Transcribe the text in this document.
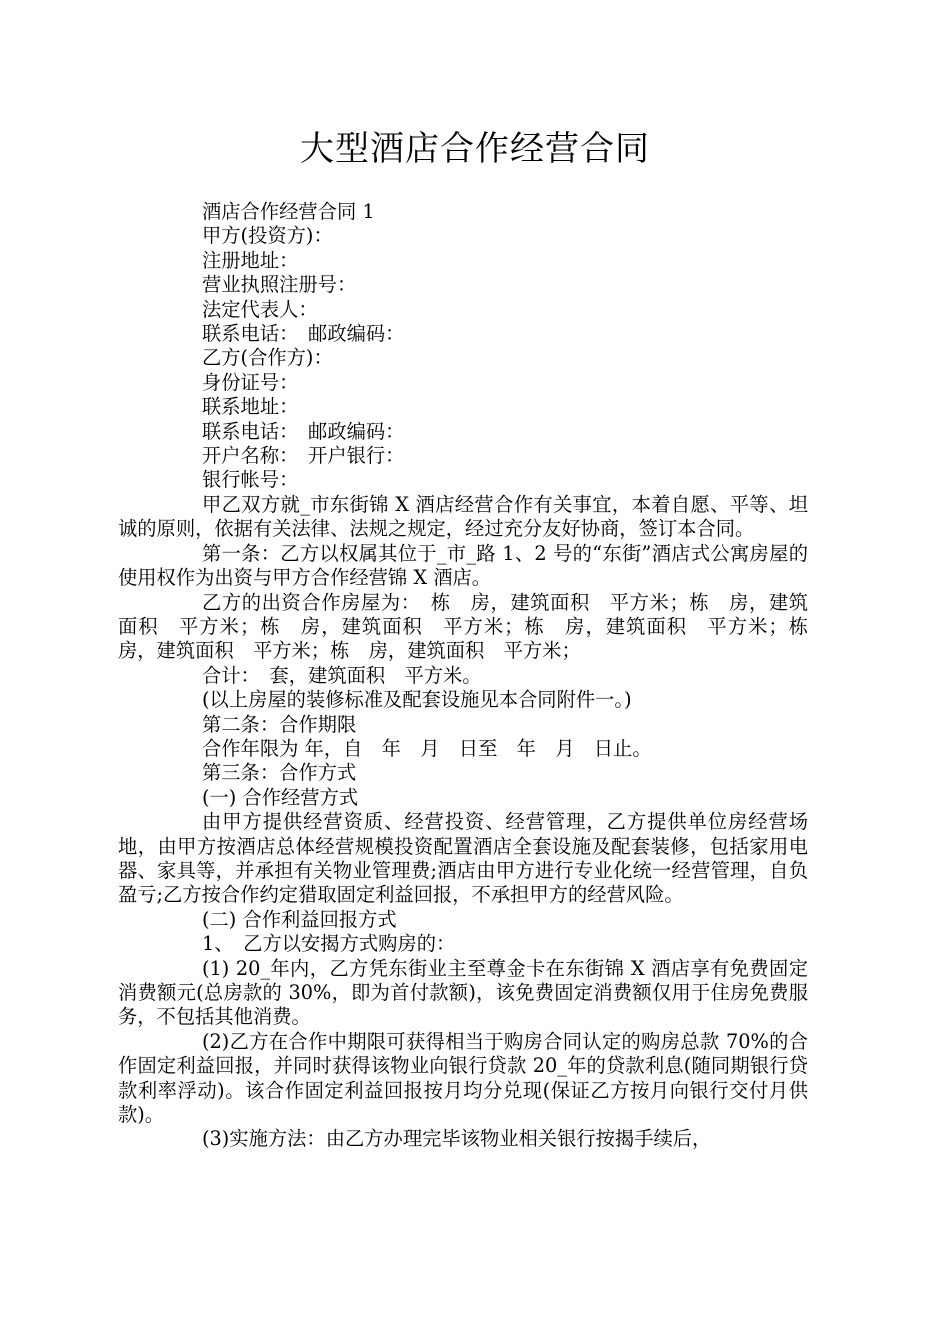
大型酒店合作经营合同

酒店合作经营合同 1

甲方(投资方)：

注册地址：

营业执照注册号：

法定代表人：

联系电话：　邮政编码：

乙方(合作方)：

身份证号：

联系地址：

联系电话：　邮政编码：

开户名称：　开户银行：

银行帐号：

甲乙双方就_市东街锦 X 酒店经营合作有关事宜，本着自愿、平等、坦诚的原则，依据有关法律、法规之规定，经过充分友好协商，签订本合同。

第一条：乙方以权属其位于_市_路 1、2 号的“东街”酒店式公寓房屋的使用权作为出资与甲方合作经营锦 X 酒店。

乙方的出资合作房屋为：　栋　房，建筑面积　平方米；栋　房，建筑面积　平方米；栋　房，建筑面积　平方米；栋　房，建筑面积　平方米；栋房，建筑面积　平方米；栋　房，建筑面积　平方米；

合计：　套，建筑面积　平方米。

(以上房屋的装修标准及配套设施见本合同附件一。)

第二条：合作期限

合作年限为 年，自　年　月　日至　年　月　日止。

第三条：合作方式

(一) 合作经营方式

由甲方提供经营资质、经营投资、经营管理，乙方提供单位房经营场地，由甲方按酒店总体经营规模投资配置酒店全套设施及配套装修，包括家用电器、家具等，并承担有关物业管理费;酒店由甲方进行专业化统一经营管理，自负盈亏;乙方按合作约定猎取固定利益回报，不承担甲方的经营风险。

(二) 合作利益回报方式

1、　乙方以安揭方式购房的：

(1) 20_年内，乙方凭东街业主至尊金卡在东街锦 X 酒店享有免费固定消费额元(总房款的 30%，即为首付款额)，该免费固定消费额仅用于住房免费服务，不包括其他消费。

(2)乙方在合作中期限可获得相当于购房合同认定的购房总款 70%的合作固定利益回报，并同时获得该物业向银行贷款 20_年的贷款利息(随同期银行贷款利率浮动)。该合作固定利益回报按月均分兑现(保证乙方按月向银行交付月供款)。

(3)实施方法：由乙方办理完毕该物业相关银行按揭手续后，
